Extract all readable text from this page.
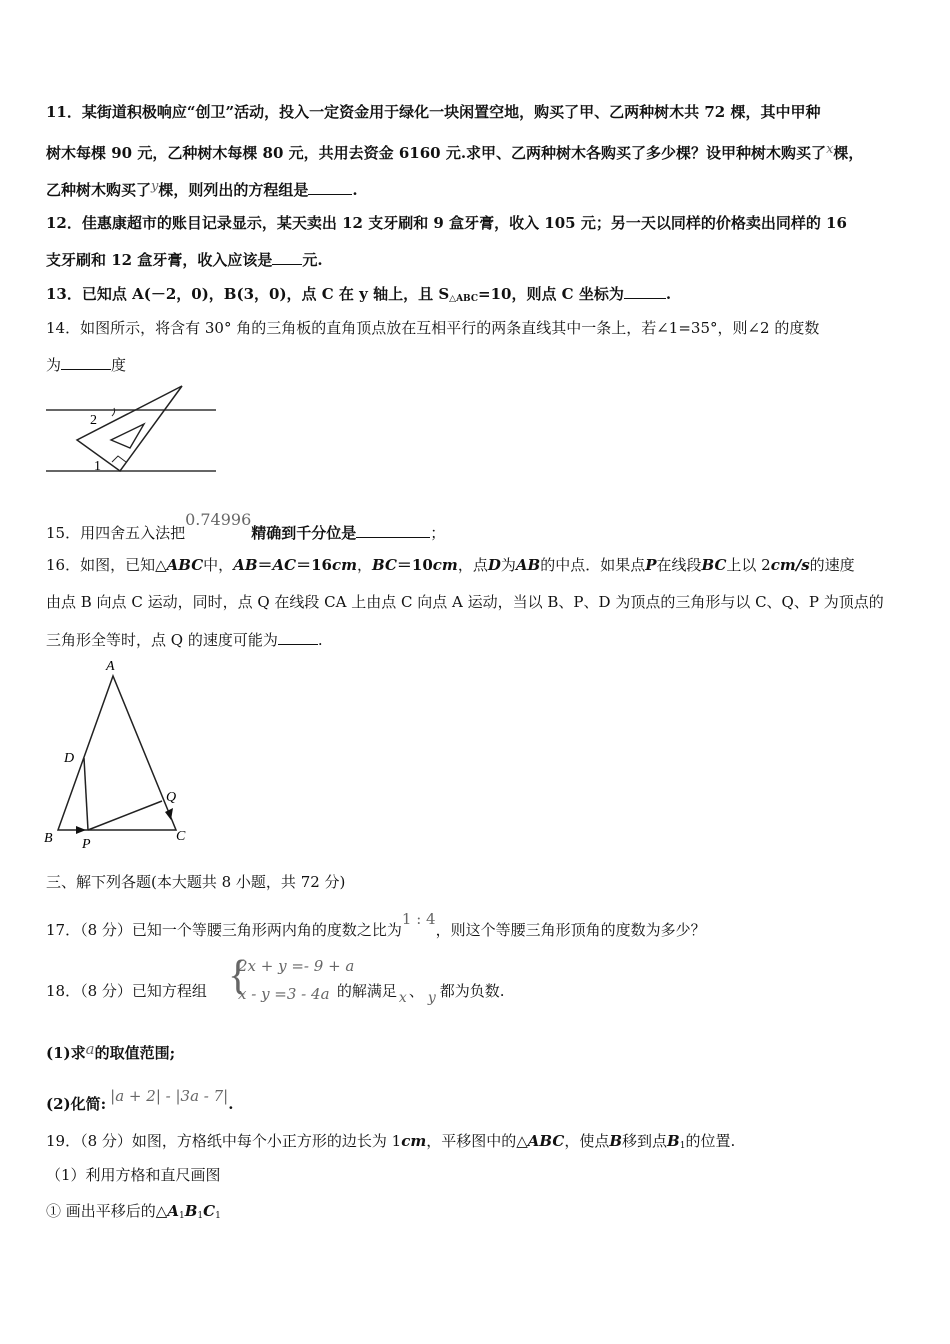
11．某街道积极响应“创卫”活动，投入一定资金用于绿化一块闲置空地，购买了甲、乙两种树木共 72 棵，其中甲种
树木每棵 90 元，乙种树木每棵 80 元，共用去资金 6160 元.求甲、乙两种树木各购买了多少棵？设甲种树木购买了x棵，
乙种树木购买了y棵，则列出的方程组是	.
12．佳惠康超市的账目记录显示，某天卖出 12 支牙刷和 9 盒牙膏，收入 105 元；另一天以同样的价格卖出同样的 16
支牙刷和 12 盒牙膏，收入应该是 元.
13．已知点 A(－2，0)，B(3，0)，点 C 在 y 轴上，且 $S_{\triangle ABC}=10$，则点 C 坐标为	.
14．如图所示，将含有 30° 角的三角板的直角顶点放在互相平行的两条直线其中一条上，若∠1=35°，则∠2 的度数
为	度
2
1
15．用四舍五入法把0.74996精确到千分位是	；
16．如图，已知△ABC中，AB＝AC＝16cm，BC＝10cm，点D为AB的中点．如果点P在线段BC上以 2cm/s的速度
由点 B 向点 C 运动，同时，点 Q 在线段 CA 上由点 C 向点 A 运动，当以 B、P、D 为顶点的三角形与以 C、Q、P 为顶点的
三角形全等时，点 Q 的速度可能为	.
A
D
B P
C
Q
三、解下列各题(本大题共 8 小题，共 72 分)
17．（8 分）已知一个等腰三角形两内角的度数之比为1 : 4，则这个等腰三角形顶角的度数为多少？
18．（8 分）已知方程组	的解满足 x 、 y 都为负数.
{
2x + y =- 9 + a
x - y =3 - 4a
(1)求a的取值范围;
(2)化简: |a + 2| - |3a - 7|.
19．（8 分）如图，方格纸中每个小正方形的边长为 1cm，平移图中的△ABC，使点B移到点$B_1$的位置.
（1）利用方格和直尺画图
① 画出平移后的$\triangle A_1B_1C_1$
